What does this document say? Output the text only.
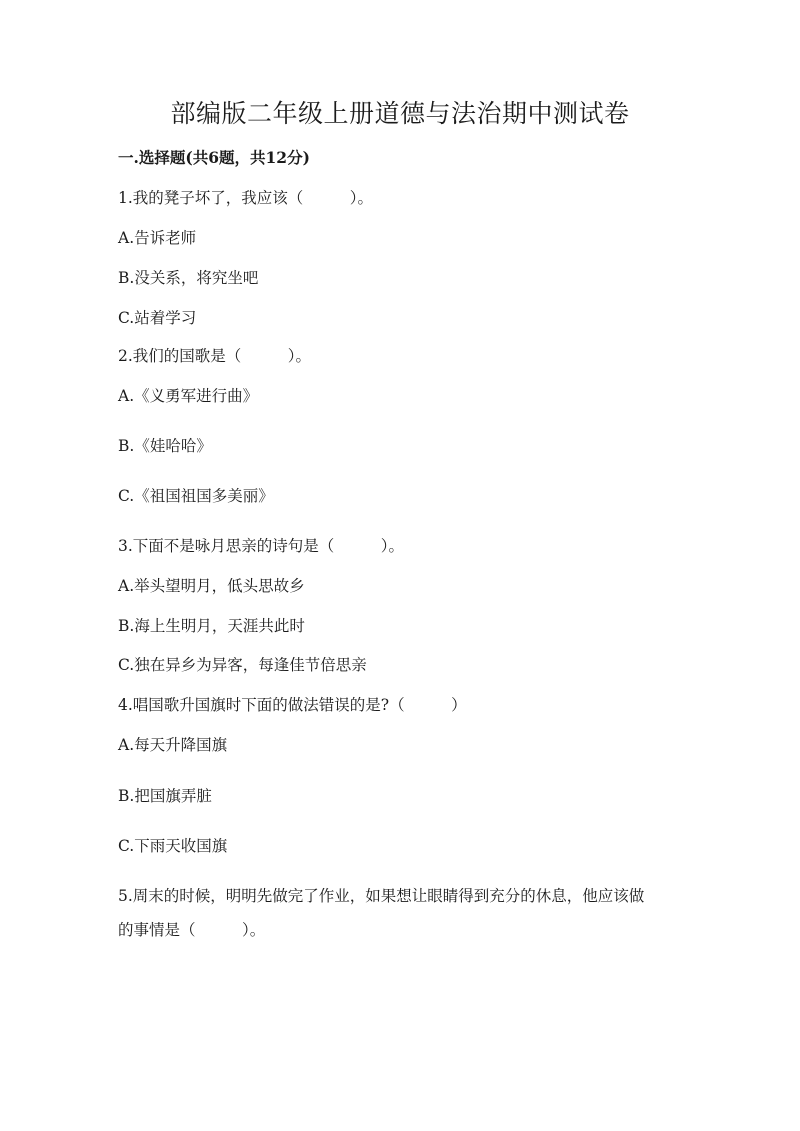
部编版二年级上册道德与法治期中测试卷
一.选择题(共6题，共12分)
1.我的凳子坏了，我应该（　　　）。
A.告诉老师
B.没关系，将究坐吧
C.站着学习
2.我们的国歌是（　　　）。
A.《义勇军进行曲》
B.《娃哈哈》
C.《祖国祖国多美丽》
3.下面不是咏月思亲的诗句是（　　　）。
A.举头望明月，低头思故乡
B.海上生明月，天涯共此时
C.独在异乡为异客，每逢佳节倍思亲
4.唱国歌升国旗时下面的做法错误的是?（　　　）
A.每天升降国旗
B.把国旗弄脏
C.下雨天收国旗
5.周末的时候，明明先做完了作业，如果想让眼睛得到充分的休息，他应该做
的事情是（　　　）。
